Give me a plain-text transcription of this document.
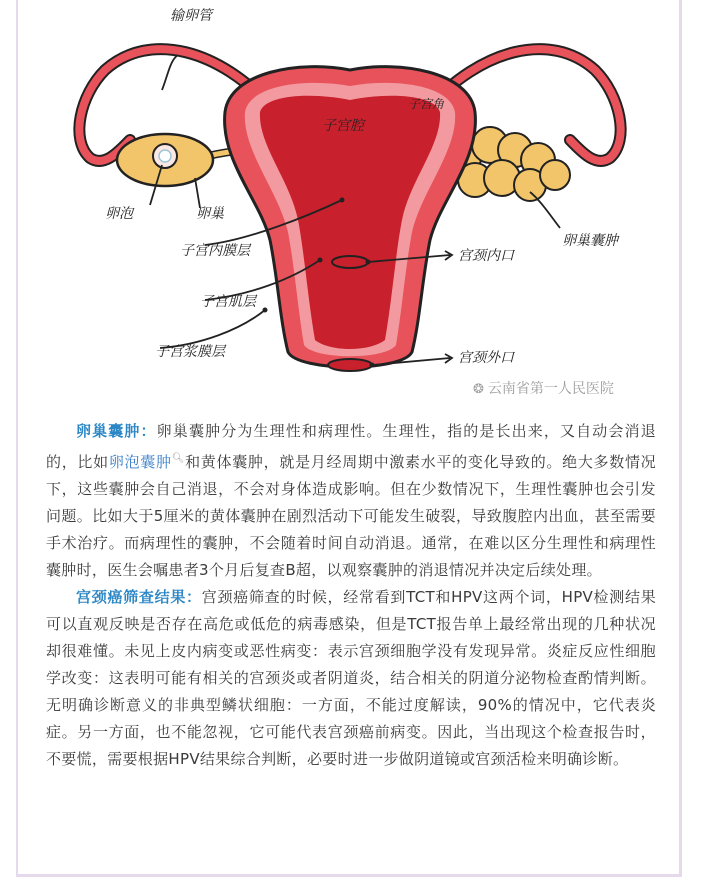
输卵管
子宫角
子宫腔
卵泡	卵巢
子宫内膜层	宫颈内口
卵巢囊肿
子宫肌层
子宫浆膜层	宫颈外口
❂ 云南省第一人民医院

卵巢囊肿：卵巢囊肿分为生理性和病理性。生理性，指的是长出来，又自动会消退的，比如卵泡囊肿🔍︎和黄体囊肿，就是月经周期中激素水平的变化导致的。绝大多数情况下，这些囊肿会自己消退，不会对身体造成影响。但在少数情况下，生理性囊肿也会引发问题。比如大于5厘米的黄体囊肿在剧烈活动下可能发生破裂，导致腹腔内出血，甚至需要手术治疗。而病理性的囊肿，不会随着时间自动消退。通常，在难以区分生理性和病理性囊肿时，医生会嘱患者3个月后复查B超，以观察囊肿的消退情况并决定后续处理。

宫颈癌筛查结果：宫颈癌筛查的时候，经常看到TCT和HPV这两个词，HPV检测结果可以直观反映是否存在高危或低危的病毒感染，但是TCT报告单上最经常出现的几种状况却很难懂。未见上皮内病变或恶性病变：表示宫颈细胞学没有发现异常。炎症反应性细胞学改变：这表明可能有相关的宫颈炎或者阴道炎，结合相关的阴道分泌物检查酌情判断。无明确诊断意义的非典型鳞状细胞：一方面，不能过度解读，90%的情况中，它代表炎症。另一方面，也不能忽视，它可能代表宫颈癌前病变。因此，当出现这个检查报告时，不要慌，需要根据HPV结果综合判断，必要时进一步做阴道镜或宫颈活检来明确诊断。
